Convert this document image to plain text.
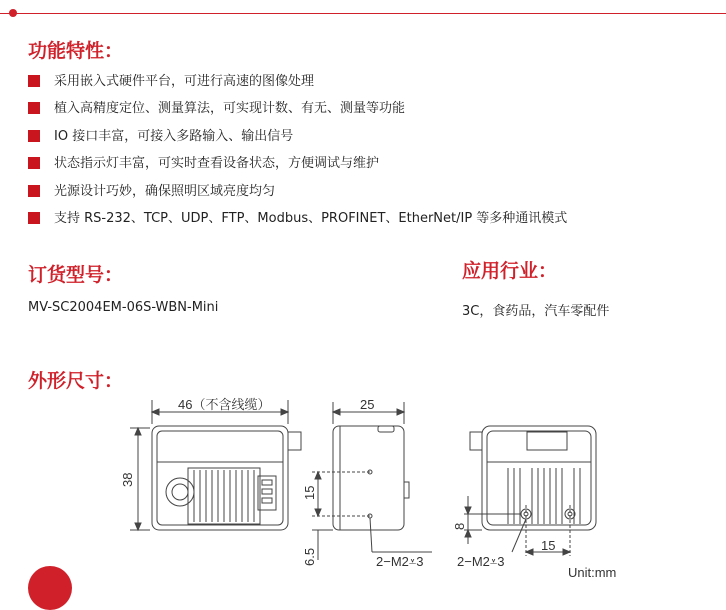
功能特性：
采用嵌入式硬件平台，可进行高速的图像处理
植入高精度定位、测量算法，可实现计数、有无、测量等功能
IO 接口丰富，可接入多路输入、输出信号
状态指示灯丰富，可实时查看设备状态，方便调试与维护
光源设计巧妙，确保照明区域亮度均匀
支持 RS-232、TCP、UDP、FTP、Modbus、PROFINET、EtherNet/IP 等多种通讯模式
订货型号：
MV-SC2004EM-06S-WBN-Mini
应用行业：
3C，食药品，汽车零配件
外形尺寸：
46（不含线缆）
38
25
15
6.5	2−M2⩡3
8
15
2−M2⩡3
Unit:mm
